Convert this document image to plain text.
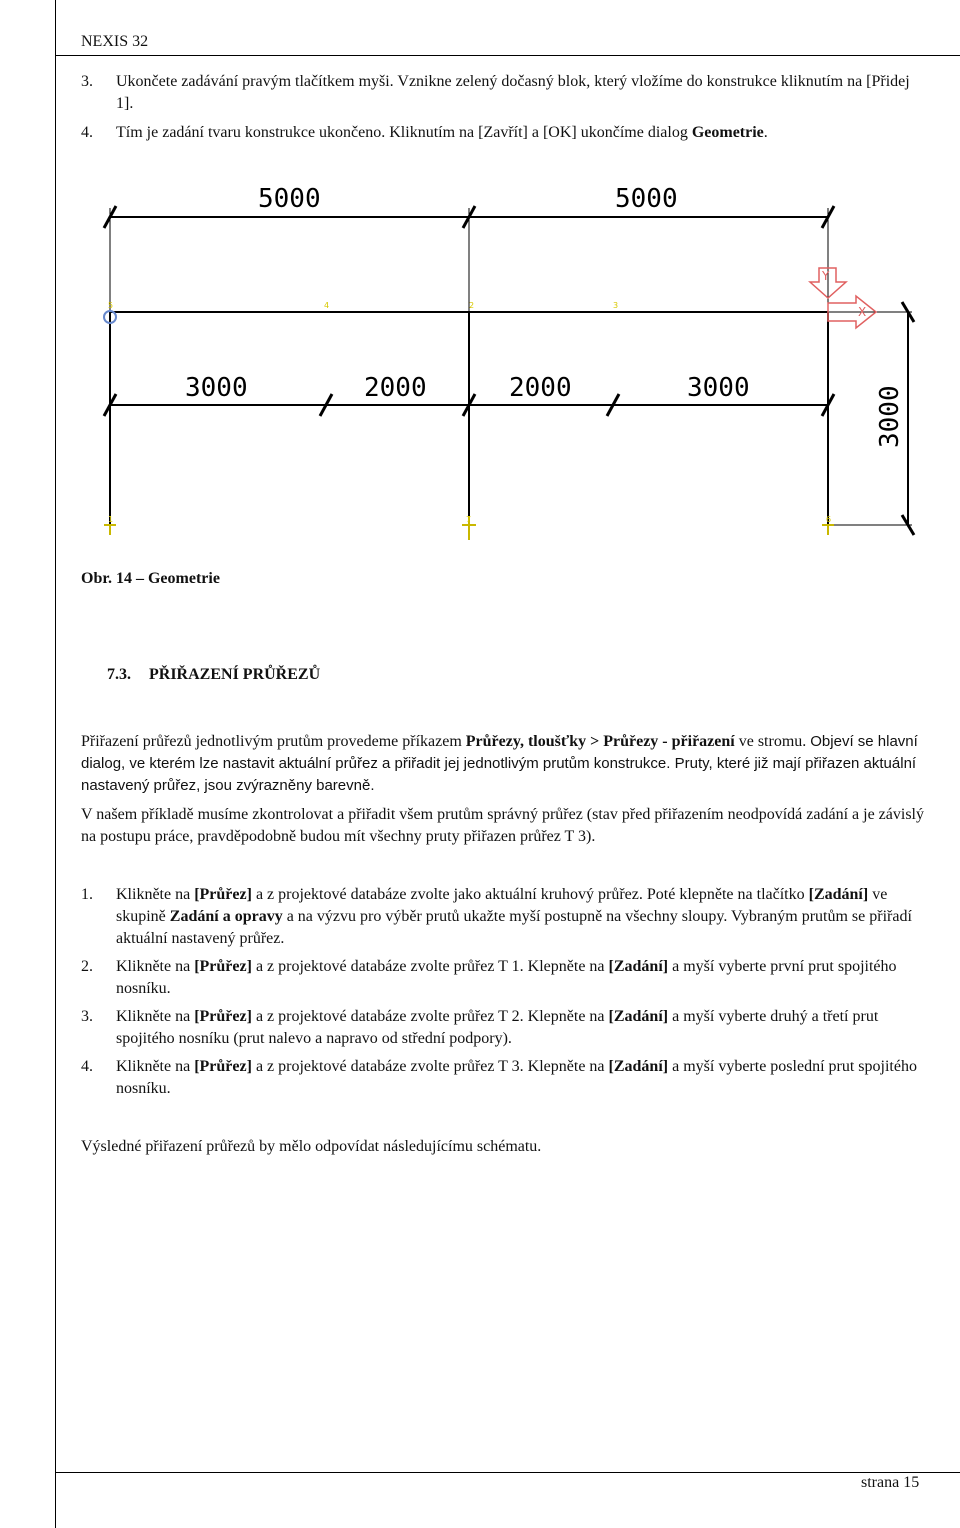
NEXIS 32
3. Ukončete zadávání pravým tlačítkem myši. Vznikne zelený dočasný blok, který vložíme do konstrukce kliknutím na [Přidej 1].
4. Tím je zadání tvaru konstrukce ukončeno. Kliknutím na [Zavřít] a [OK] ukončíme dialog Geometrie.
Y
X
5	4	2	3
1	7	6
5000	5000
3000	2000	2000	3000	3000
Obr. 14 – Geometrie
7.3. PŘIŘAZENÍ PRŮŘEZŮ
Přiřazení průřezů jednotlivým prutům provedeme příkazem Průřezy, tloušťky > Průřezy - přiřazení ve stromu. Objeví se hlavní dialog, ve kterém lze nastavit aktuální průřez a přiřadit jej jednotlivým prutům konstrukce. Pruty, které již mají přiřazen aktuální nastavený průřez, jsou zvýrazněny barevně.
V našem příkladě musíme zkontrolovat a přiřadit všem prutům správný průřez (stav před přiřazením neodpovídá zadání a je závislý na postupu práce, pravděpodobně budou mít všechny pruty přiřazen průřez T 3).
1. Klikněte na [Průřez] a z projektové databáze zvolte jako aktuální kruhový průřez. Poté klepněte na tlačítko [Zadání] ve skupině Zadání a opravy a na výzvu pro výběr prutů ukažte myší postupně na všechny sloupy. Vybraným prutům se přiřadí aktuální nastavený průřez.
2. Klikněte na [Průřez] a z projektové databáze zvolte průřez T 1. Klepněte na [Zadání] a myší vyberte první prut spojitého nosníku.
3. Klikněte na [Průřez] a z projektové databáze zvolte průřez T 2. Klepněte na [Zadání] a myší vyberte druhý a třetí prut spojitého nosníku (prut nalevo a napravo od střední podpory).
4. Klikněte na [Průřez] a z projektové databáze zvolte průřez T 3. Klepněte na [Zadání] a myší vyberte poslední prut spojitého nosníku.
Výsledné přiřazení průřezů by mělo odpovídat následujícímu schématu.
strana 15
